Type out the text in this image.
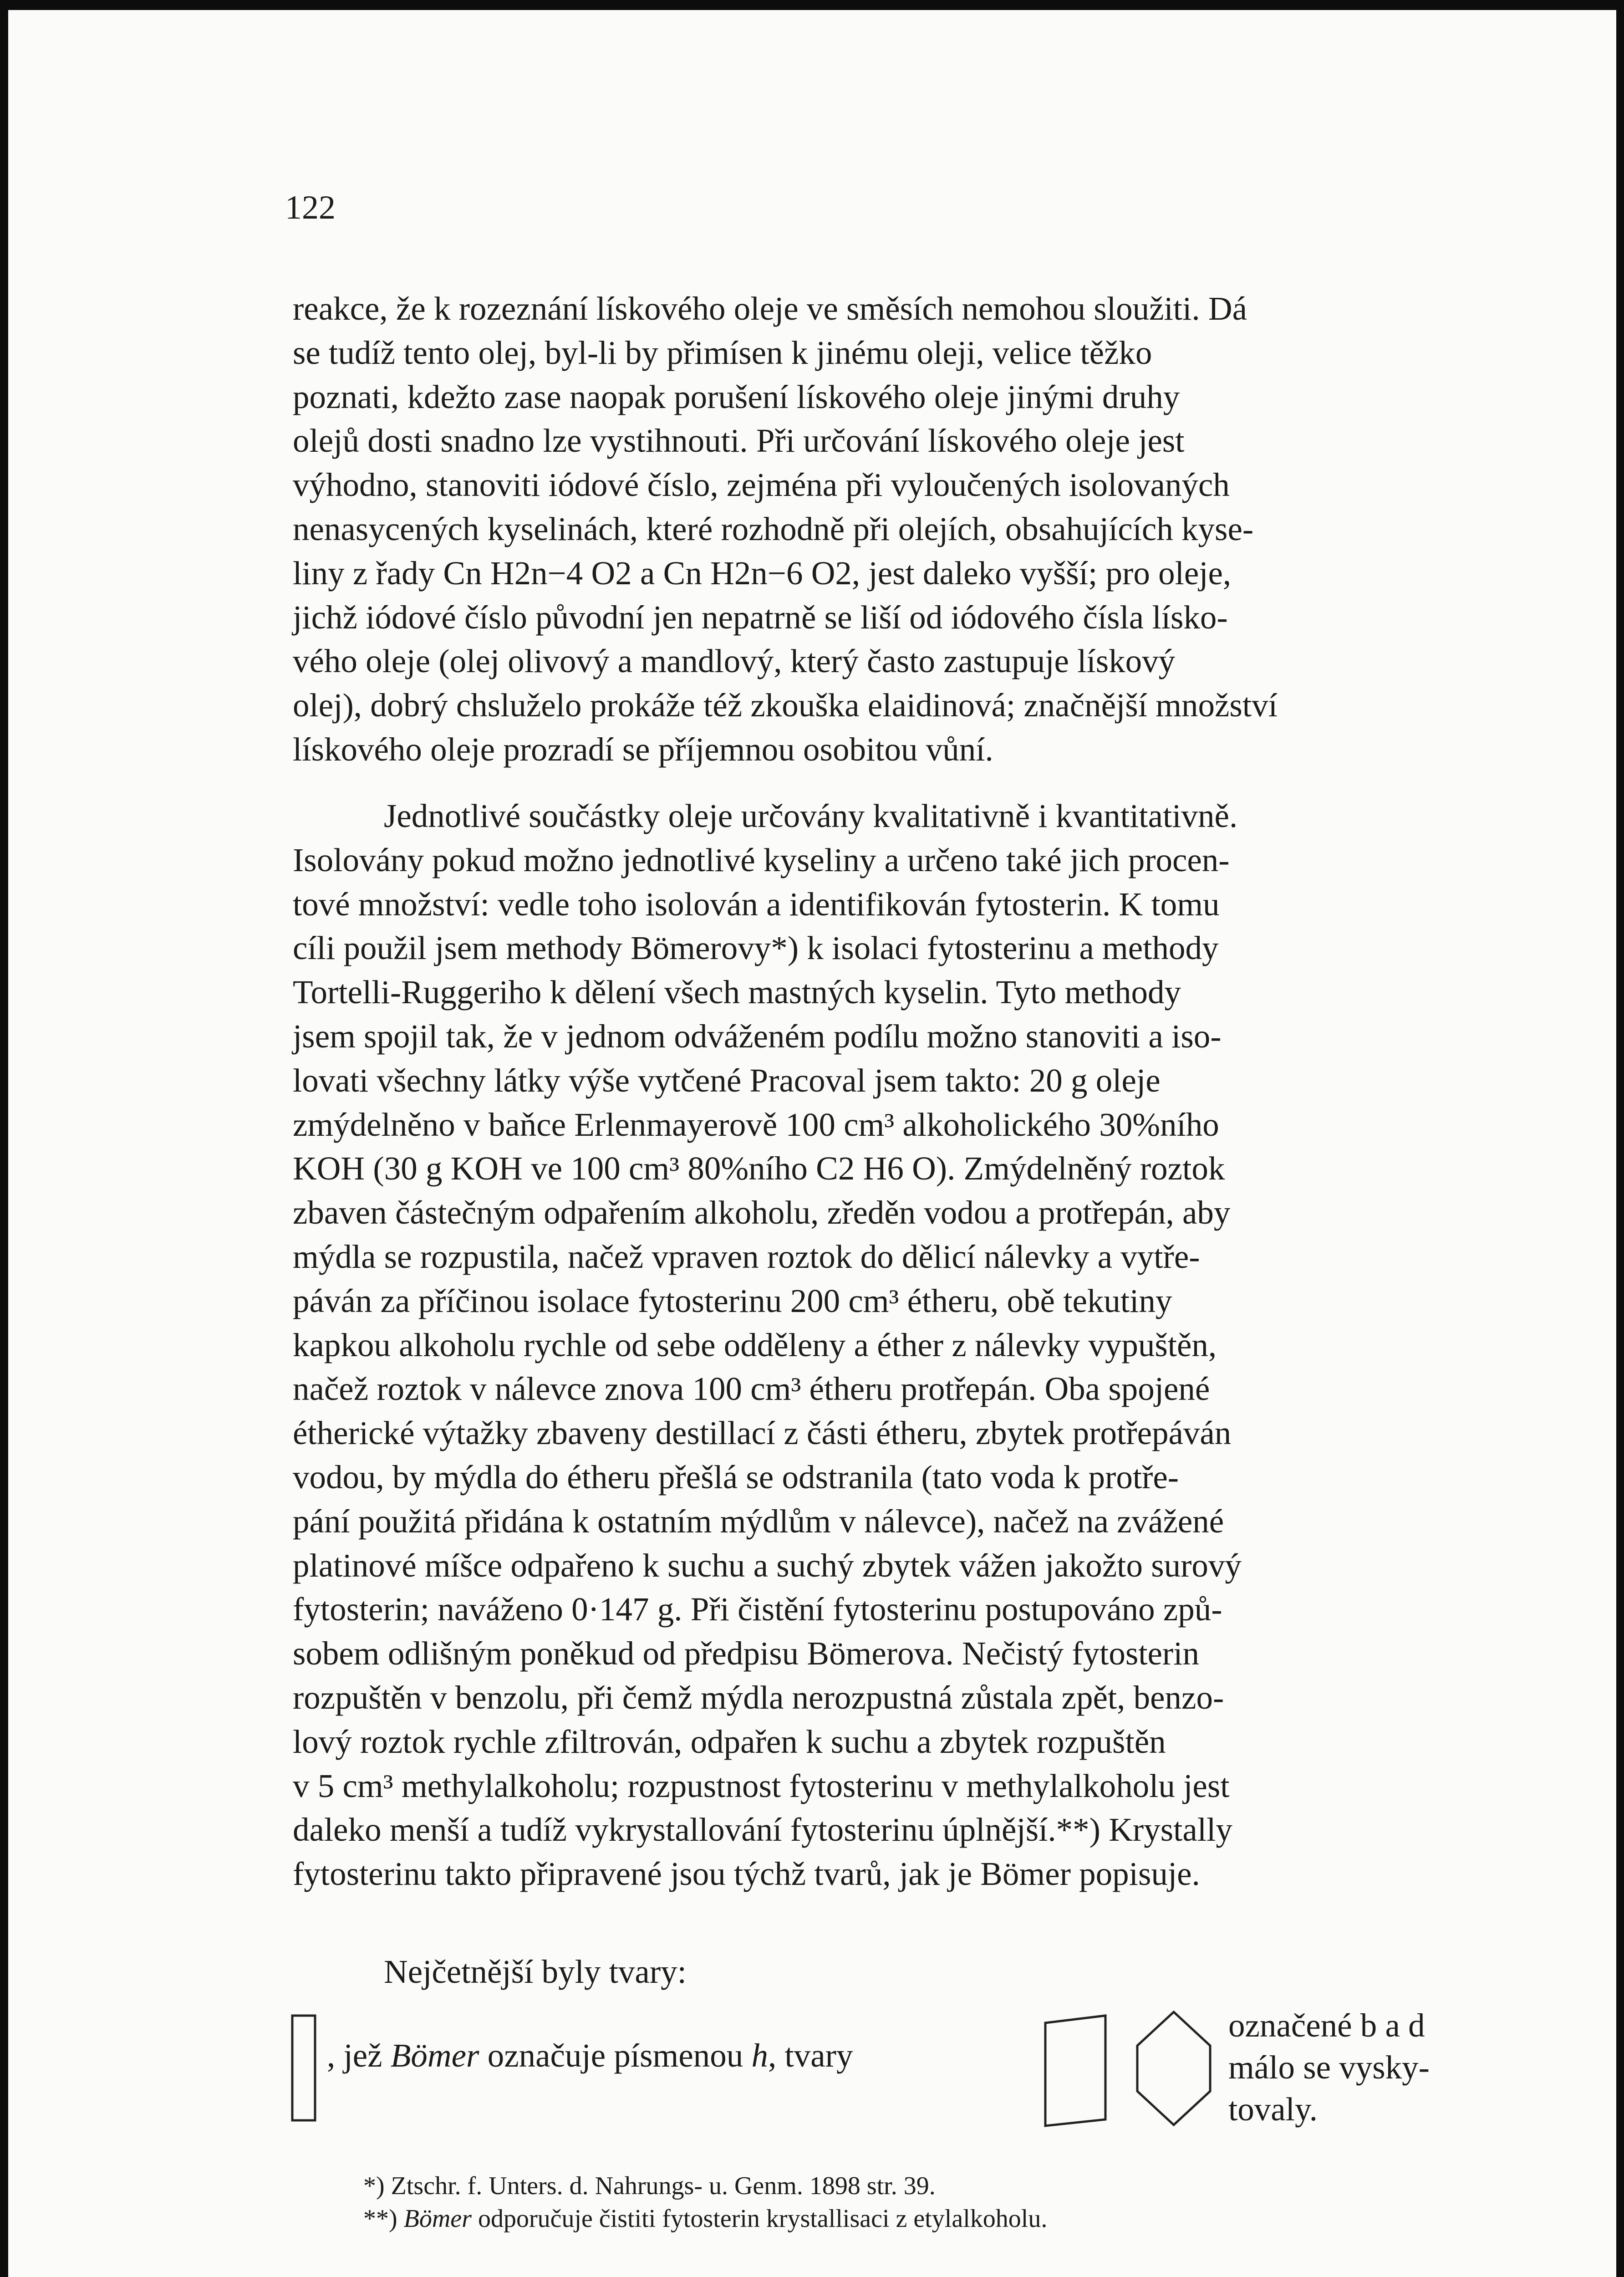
122
reakce, že k rozeznání lískového oleje ve směsích nemohou sloužiti. Dá
se tudíž tento olej, byl-li by přimísen k jinému oleji, velice těžko
poznati, kdežto zase naopak porušení lískového oleje jinými druhy
olejů dosti snadno lze vystihnouti. Při určování lískového oleje jest
výhodno, stanoviti iódové číslo, zejména při vyloučených isolovaných
nenasycených kyselinách, které rozhodně při olejích, obsahujících kyse-
liny z řady Cn H2n−4 O2 a Cn H2n−6 O2, jest daleko vyšší; pro oleje,
jichž iódové číslo původní jen nepatrně se liší od iódového čísla lísko-
vého oleje (olej olivový a mandlový, který často zastupuje lískový
olej), dobrý chsluželo prokáže též zkouška elaidinová; značnější množství
lískového oleje prozradí se příjemnou osobitou vůní.
Jednotlivé součástky oleje určovány kvalitativně i kvantitativně.
Isolovány pokud možno jednotlivé kyseliny a určeno také jich procen-
tové množství: vedle toho isolován a identifikován fytosterin. K tomu
cíli použil jsem methody Bömerovy*) k isolaci fytosterinu a methody
Tortelli-Ruggeriho k dělení všech mastných kyselin. Tyto methody
jsem spojil tak, že v jednom odváženém podílu možno stanoviti a iso-
lovati všechny látky výše vytčené Pracoval jsem takto: 20 g oleje
zmýdelněno v baňce Erlenmayerově 100 cm³ alkoholického 30%ního
KOH (30 g KOH ve 100 cm³ 80%ního C2 H6 O). Zmýdelněný roztok
zbaven částečným odpařením alkoholu, zředěn vodou a protřepán, aby
mýdla se rozpustila, načež vpraven roztok do dělicí nálevky a vytře-
páván za příčinou isolace fytosterinu 200 cm³ étheru, obě tekutiny
kapkou alkoholu rychle od sebe odděleny a éther z nálevky vypuštěn,
načež roztok v nálevce znova 100 cm³ étheru protřepán. Oba spojené
étherické výtažky zbaveny destillací z části étheru, zbytek protřepáván
vodou, by mýdla do étheru přešlá se odstranila (tato voda k protře-
pání použitá přidána k ostatním mýdlům v nálevce), načež na zvážené
platinové míšce odpařeno k suchu a suchý zbytek vážen jakožto surový
fytosterin; naváženo 0·147 g. Při čistění fytosterinu postupováno způ-
sobem odlišným poněkud od předpisu Bömerova. Nečistý fytosterin
rozpuštěn v benzolu, při čemž mýdla nerozpustná zůstala zpět, benzo-
lový roztok rychle zfiltrován, odpařen k suchu a zbytek rozpuštěn
v 5 cm³ methylalkoholu; rozpustnost fytosterinu v methylalkoholu jest
daleko menší a tudíž vykrystallování fytosterinu úplnější.**) Krystally
fytosterinu takto připravené jsou týchž tvarů, jak je Bömer popisuje.
Nejčetnější byly tvary:
, jež Bömer označuje písmenou h, tvary
označené b a d
málo se vysky-
tovaly.
*) Ztschr. f. Unters. d. Nahrungs- u. Genm. 1898 str. 39.
**) Bömer odporučuje čistiti fytosterin krystallisaci z etylalkoholu.
